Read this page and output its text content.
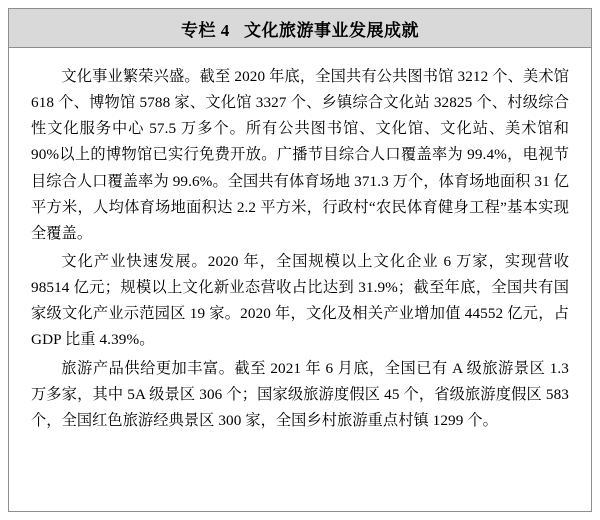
专栏 4   文化旅游事业发展成就

文化事业繁荣兴盛。截至 2020 年底，全国共有公共图书馆 3212 个、美术馆 618 个、博物馆 5788 家、文化馆 3327 个、乡镇综合文化站 32825 个、村级综合性文化服务中心 57.5 万多个。所有公共图书馆、文化馆、文化站、美术馆和 90%以上的博物馆已实行免费开放。广播节目综合人口覆盖率为 99.4%，电视节目综合人口覆盖率为 99.6%。全国共有体育场地 371.3 万个，体育场地面积 31 亿平方米，人均体育场地面积达 2.2 平方米，行政村“农民体育健身工程”基本实现全覆盖。

文化产业快速发展。2020 年，全国规模以上文化企业 6 万家，实现营收 98514 亿元；规模以上文化新业态营收占比达到 31.9%；截至年底，全国共有国家级文化产业示范园区 19 家。2020 年，文化及相关产业增加值 44552 亿元，占 GDP 比重 4.39%。

旅游产品供给更加丰富。截至 2021 年 6 月底，全国已有 A 级旅游景区 1.3 万多家，其中 5A 级景区 306 个；国家级旅游度假区 45 个，省级旅游度假区 583 个，全国红色旅游经典景区 300 家，全国乡村旅游重点村镇 1299 个。
